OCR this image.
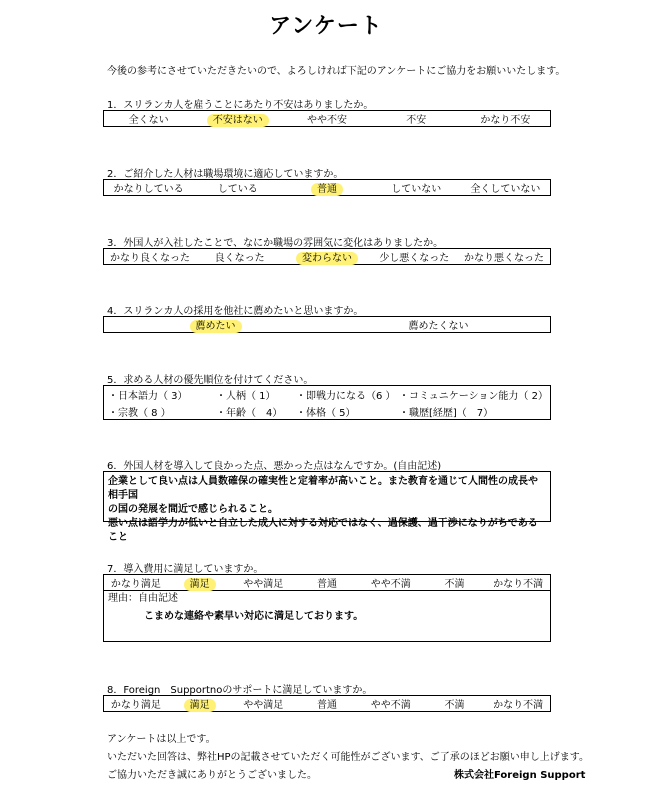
アンケート
今後の参考にさせていただきたいので、よろしければ下記のアンケートにご協力をお願いいたします。
1．スリランカ人を雇うことにあたり不安はありましたか。
全くない	不安はない	やや不安	不安	かなり不安
2．ご紹介した人材は職場環境に適応していますか。
かなりしている	している	普通	していない	全くしていない
3．外国人が入社したことで、なにか職場の雰囲気に変化はありましたか。
かなり良くなった	良くなった	変わらない	少し悪くなった	かなり悪くなった
4．スリランカ人の採用を他社に薦めたいと思いますか。
薦めたい	薦めたくない
5．求める人材の優先順位を付けてください。
・日本語力（ 3）	・人柄（ 1）	・即戦力になる（6 ） ・コミュニケーション能力（ 2）
・宗教（ 8 ）	・年齢（　4）	・体格（ 5）	・職歴[経歴]（　7）
6．外国人材を導入して良かった点、悪かった点はなんですか。(自由記述)
企業として良い点は人員数確保の確実性と定着率が高いこと。また教育を通じて人間性の成長や相手国
の国の発展を間近で感じられること。
悪い点は語学力が低いと自立した成人に対する対応ではなく、過保護、過干渉になりがちであること
7．導入費用に満足していますか。
かなり満足	満足	やや満足	普通	やや不満	不満	かなり不満
理由：自由記述
こまめな連絡や素早い対応に満足しております。
8．Foreign　Supportnoのサポートに満足していますか。
かなり満足	満足	やや満足	普通	やや不満	不満	かなり不満
アンケートは以上です。
いただいた回答は、弊社HPの記載させていただく可能性がございます、ご了承のほどお願い申し上げます。
ご協力いただき誠にありがとうございました。	株式会社Foreign Support
